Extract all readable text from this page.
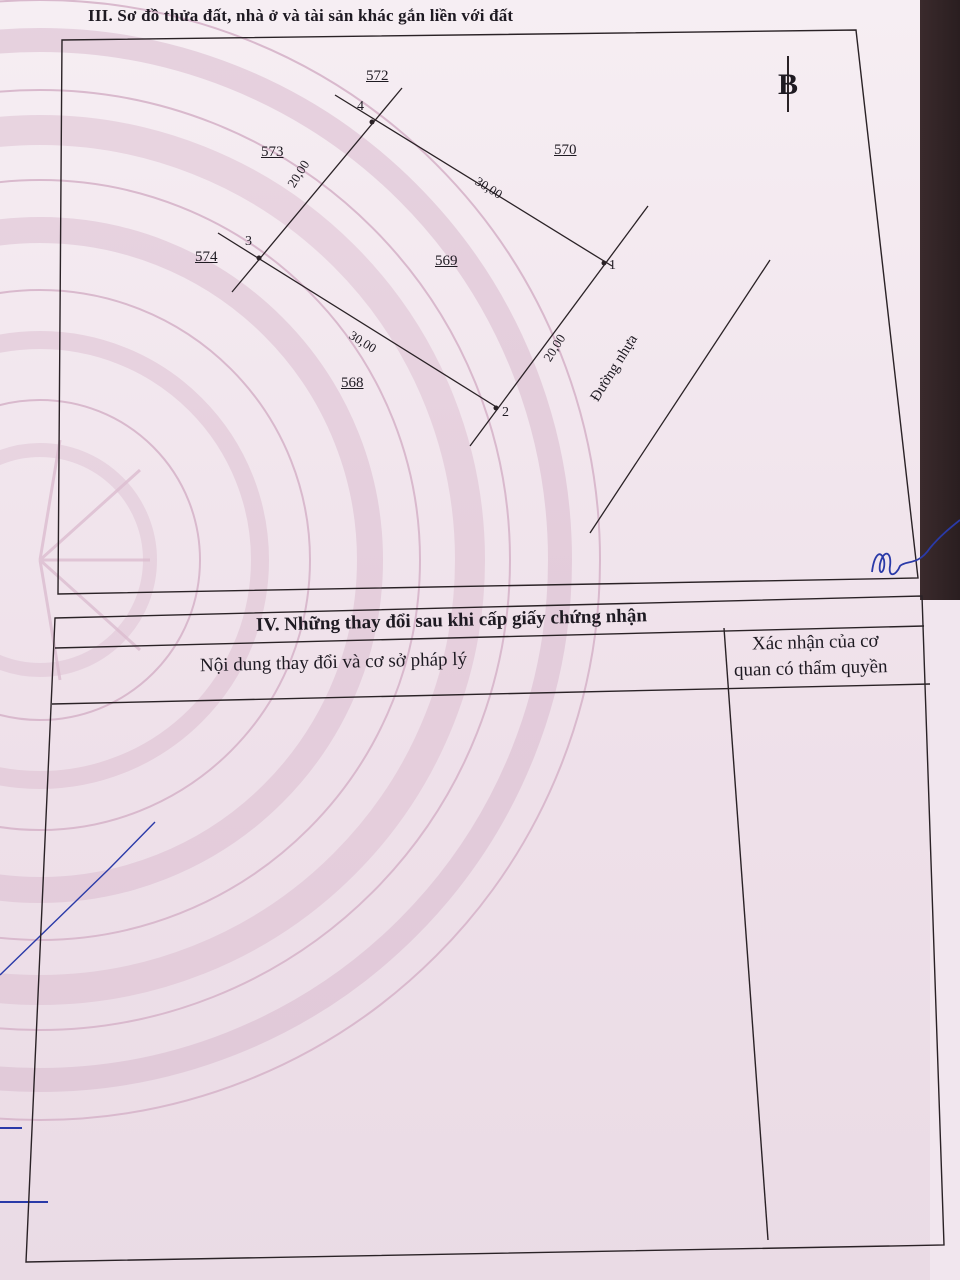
III. Sơ đồ thửa đất, nhà ở và tài sản khác gắn liền với đất
B
572
573	570
574	569
568
1
2
3
4
20,00	30,00
30,00	20,00 Đường nhựa
IV. Những thay đổi sau khi cấp giấy chứng nhận
Nội dung thay đổi và cơ sở pháp lý
Xác nhận của cơ
quan có thẩm quyền
